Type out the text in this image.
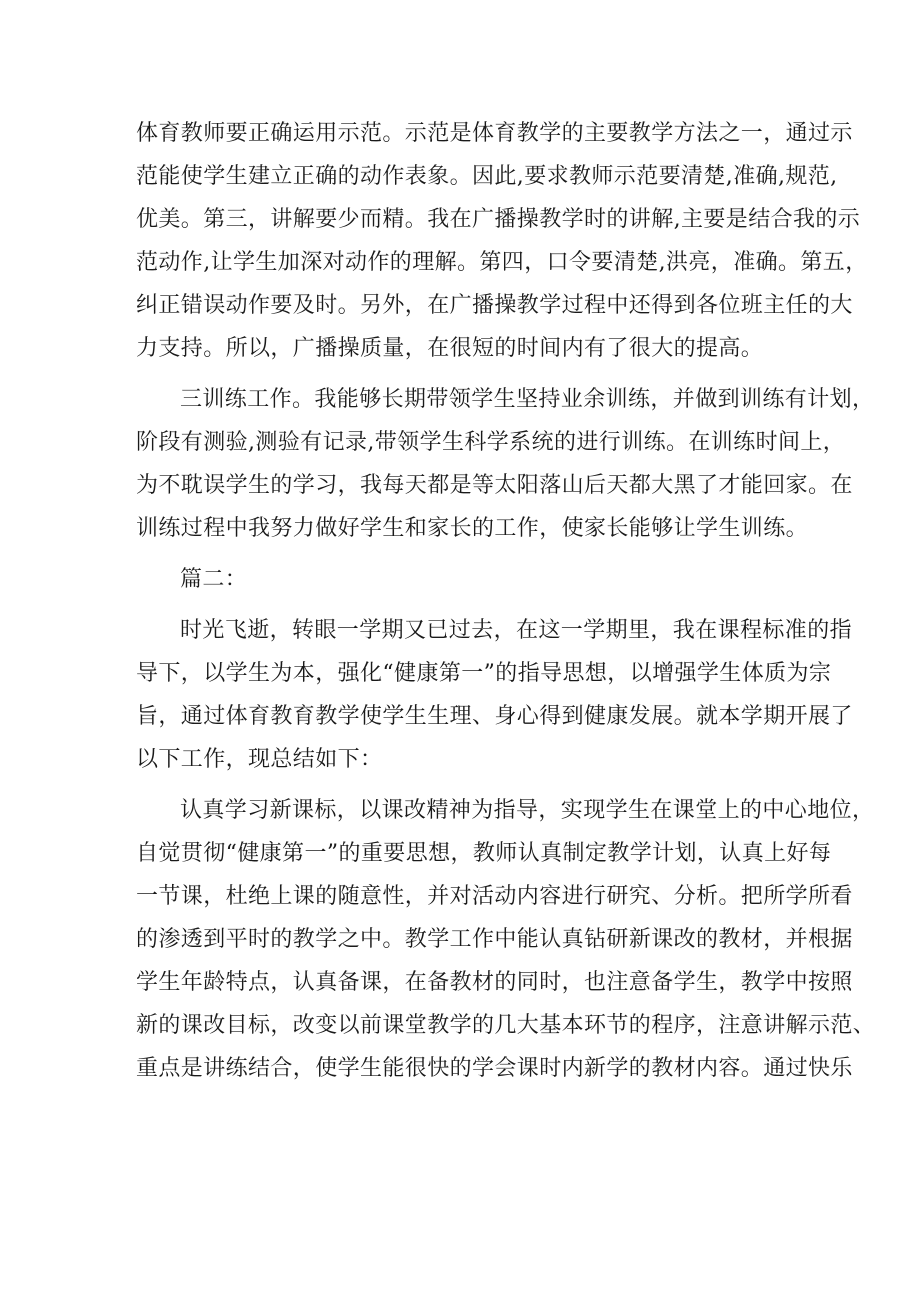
体育教师要正确运用示范。示范是体育教学的主要教学方法之一，通过示
范能使学生建立正确的动作表象。因此,要求教师示范要清楚,准确,规范,
优美。第三，讲解要少而精。我在广播操教学时的讲解,主要是结合我的示
范动作,让学生加深对动作的理解。第四，口令要清楚,洪亮，准确。第五，
纠正错误动作要及时。另外，在广播操教学过程中还得到各位班主任的大
力支持。所以，广播操质量，在很短的时间内有了很大的提高。
三训练工作。我能够长期带领学生坚持业余训练，并做到训练有计划，
阶段有测验,测验有记录,带领学生科学系统的进行训练。在训练时间上，
为不耽误学生的学习，我每天都是等太阳落山后天都大黑了才能回家。在
训练过程中我努力做好学生和家长的工作，使家长能够让学生训练。
篇二：
时光飞逝，转眼一学期又已过去，在这一学期里，我在课程标准的指
导下，以学生为本，强化“健康第一”的指导思想，以增强学生体质为宗
旨，通过体育教育教学使学生生理、身心得到健康发展。就本学期开展了
以下工作，现总结如下：
认真学习新课标，以课改精神为指导，实现学生在课堂上的中心地位，
自觉贯彻“健康第一”的重要思想，教师认真制定教学计划，认真上好每
一节课，杜绝上课的随意性，并对活动内容进行研究、分析。把所学所看
的渗透到平时的教学之中。教学工作中能认真钻研新课改的教材，并根据
学生年龄特点，认真备课，在备教材的同时，也注意备学生，教学中按照
新的课改目标，改变以前课堂教学的几大基本环节的程序，注意讲解示范、
重点是讲练结合，使学生能很快的学会课时内新学的教材内容。通过快乐
